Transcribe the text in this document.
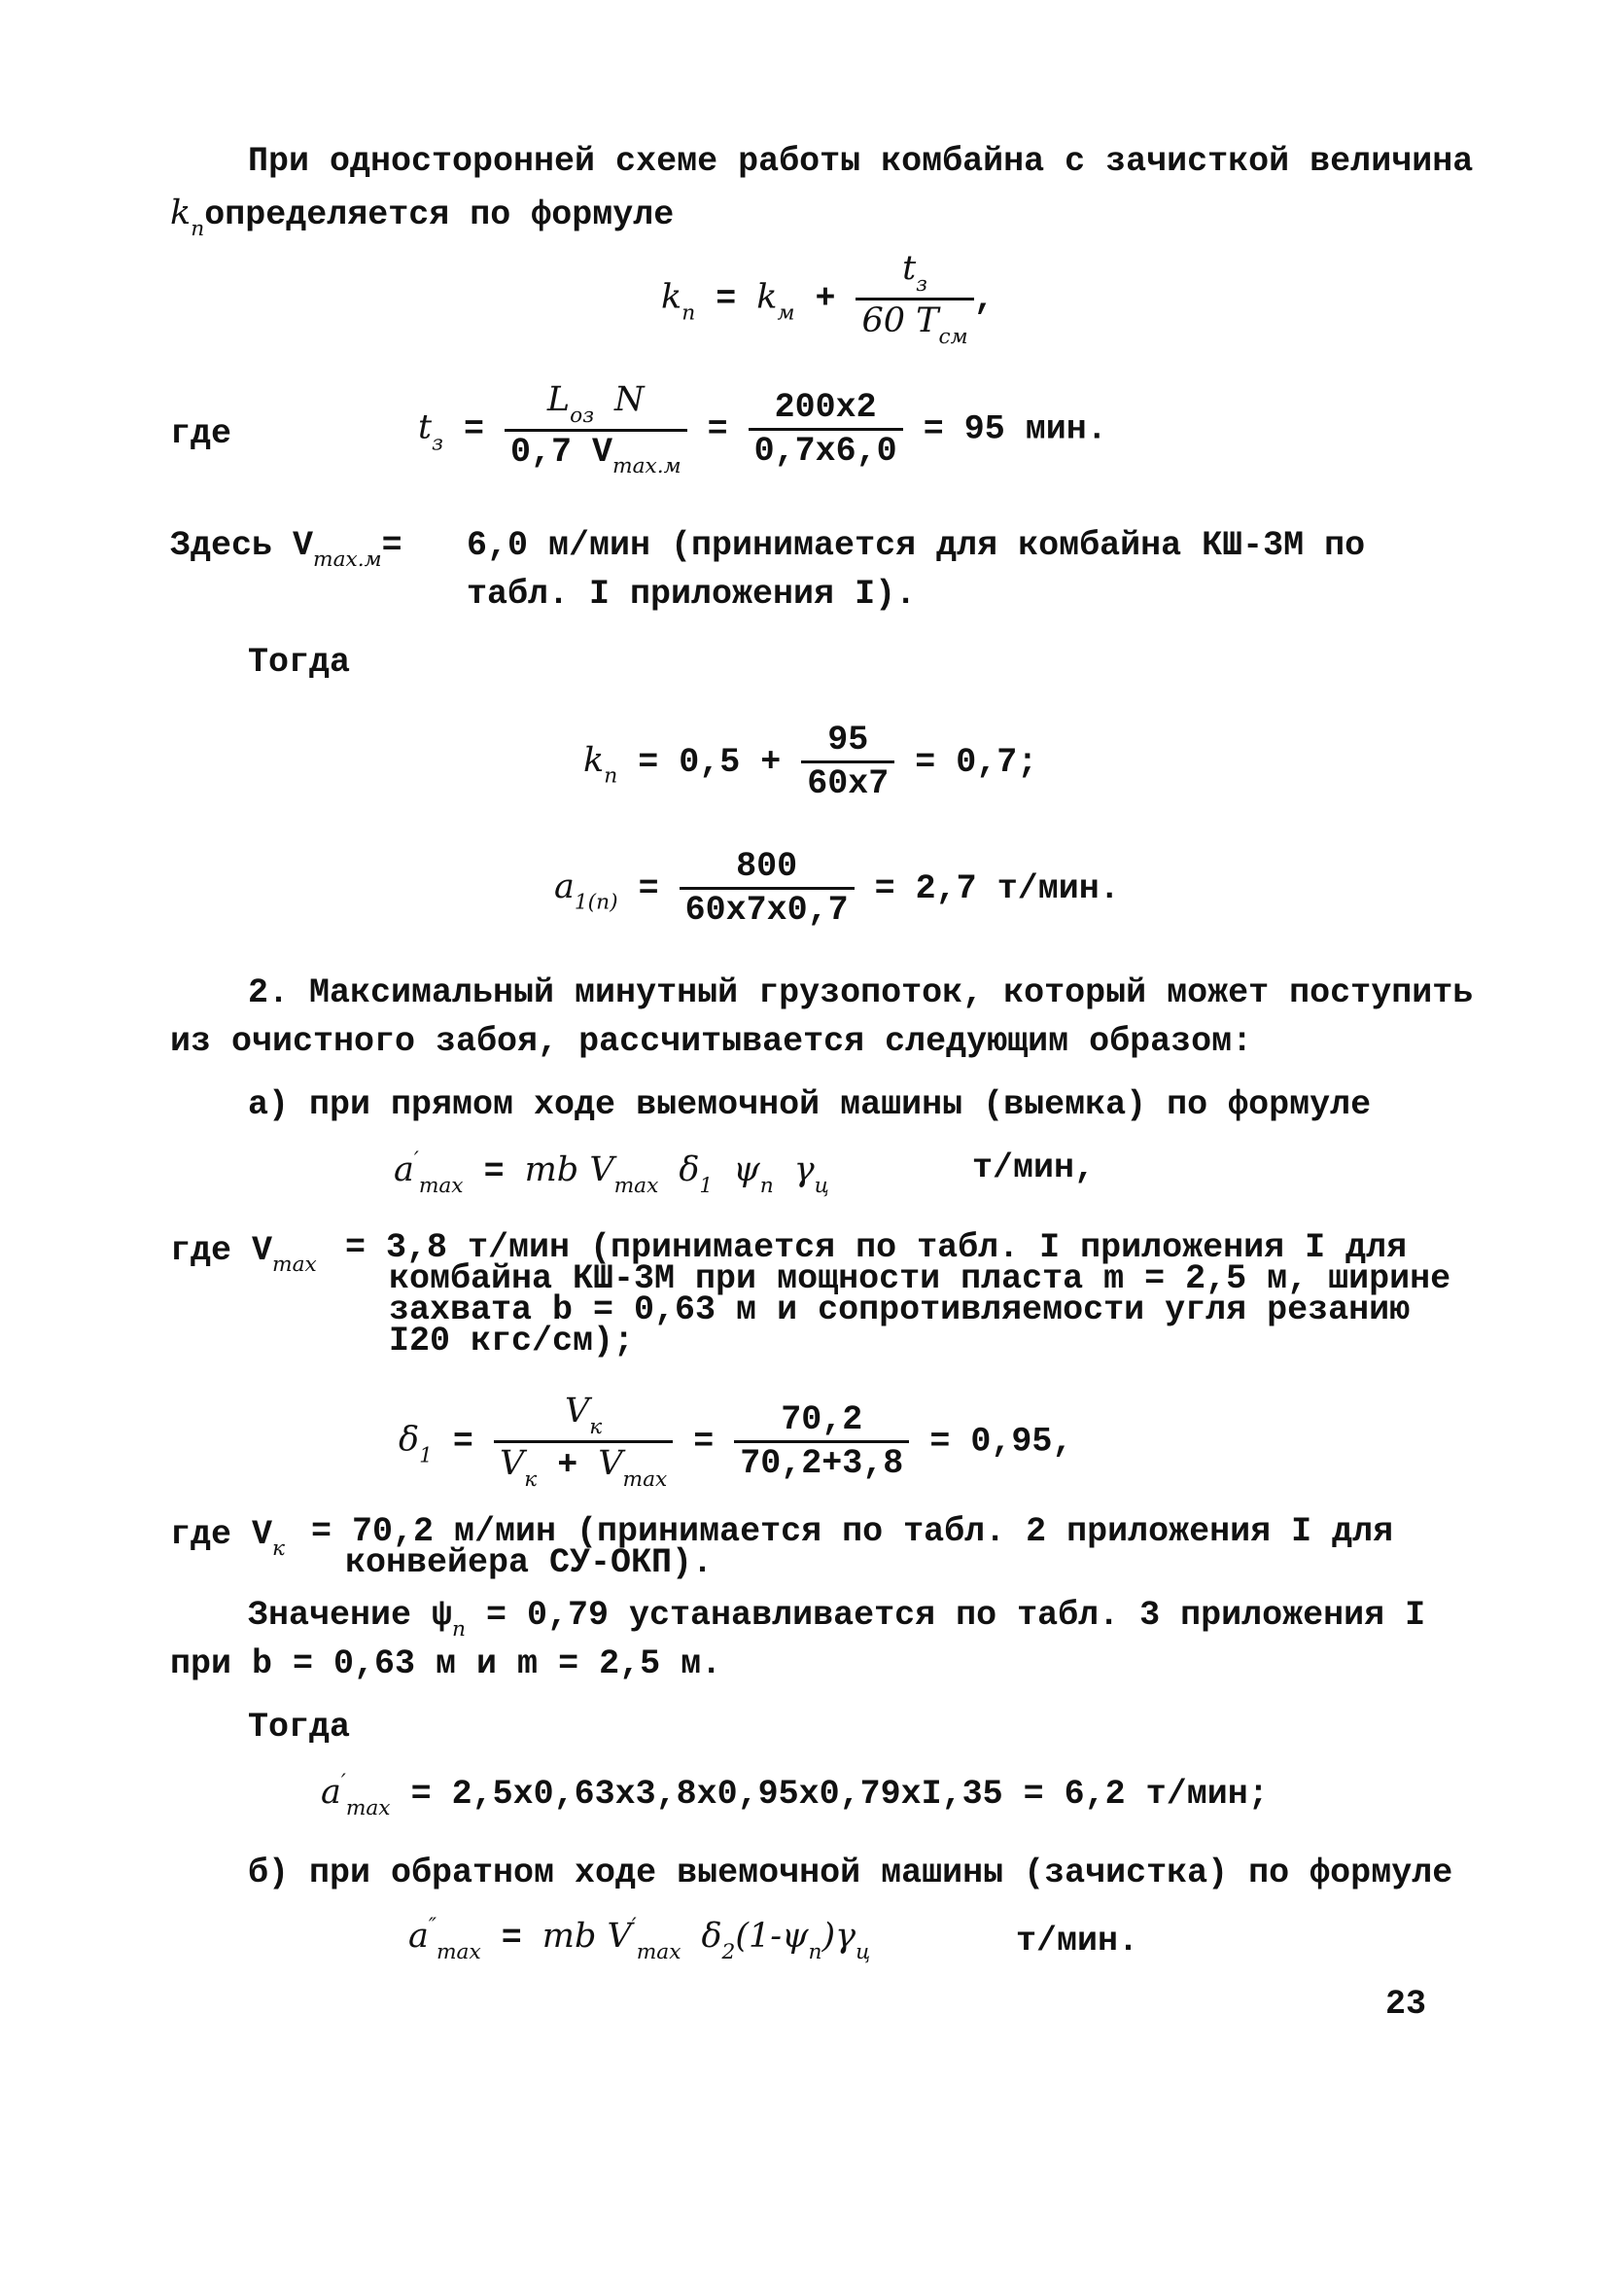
При односторонней схеме работы комбайна с зачисткой величина
$k_попределяется$ по формуле
$k_п = k_м + \frac{t_з}{60 T_{см}}$ ,
где	$t_з = \frac{L_{оз} N}{0,7 V_{max.м}} = \frac{200x2}{0,7x6,0} = 95$ мин.
Здесь $V_{max.м}= 6,0$ м/мин (принимается для комбайна КШ-3М по
табл. I приложения I).
Тогда
$k_п = 0,5 + \frac{95}{60x7} = 0,7$;
$a_{1(п)} = \frac{800}{60x7x0,7} = 2,7$ т/мин.
2. Максимальный минутный грузопоток, который может поступить
из очистного забоя, рассчитывается следующим образом:
а) при прямом ходе выемочной машины (выемка) по формуле
$a'_{max}$ = mb $V_{max}$ $\delta_1$ $\psi_п$ $\gamma_ц$	т/мин,
где $V_{max} = 3,8$ т/мин (принимается по табл. I приложения I для
комбайна КШ-3М при мощности пласта m = 2,5 м, ширине
захвата b = 0,63 м и сопротивляемости угля резанию
I20 кгс/см);
$\delta_1 = \frac{V_к}{V_к + V_{max}} = \frac{70,2}{70,2+3,8} = 0,95$,
где $V_к = 70,2$ м/мин (принимается по табл. 2 приложения I для
конвейера СУ-ОКП).
Значение $\psi_п = 0,79$ устанавливается по табл. 3 приложения I
при b = 0,63 м и m = 2,5 м.
Тогда
$a'_{max} = 2,5x0,63x3,8x0,95x0,79xI,35 = 6,2$ т/мин;
б) при обратном ходе выемочной машины (зачистка) по формуле
$a''_{max}$ = mb $V'_{max}$ $\delta_2(1-\psi_п)\gamma_ц$	т/мин.
23
